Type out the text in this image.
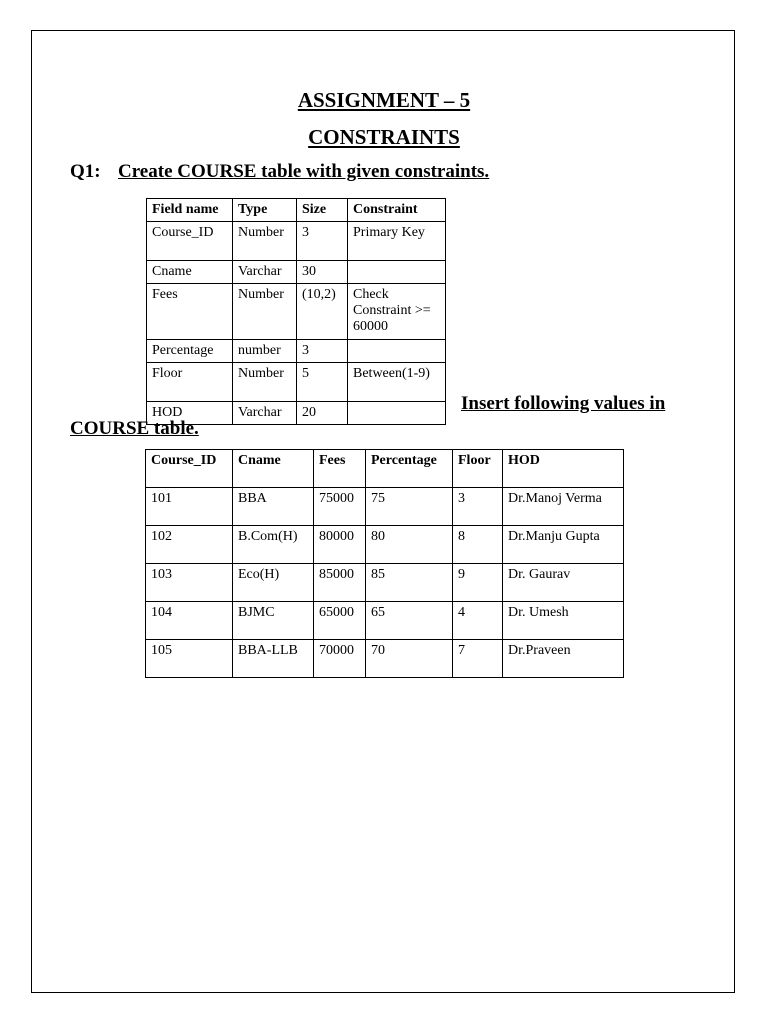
ASSIGNMENT – 5
CONSTRAINTS

Q1: Create COURSE table with given constraints.

Field name	Type	Size	Constraint
Course_ID	Number	3	Primary Key
Cname	Varchar	30	
Fees	Number	(10,2)	Check Constraint >= 60000
Percentage	number	3	
Floor	Number	5	Between(1-9)
HOD	Varchar	20		Insert following values in

COURSE table.

Course_ID	Cname	Fees	Percentage	Floor	HOD
101	BBA	75000	75	3	Dr.Manoj Verma
102	B.Com(H)	80000	80	8	Dr.Manju Gupta
103	Eco(H)	85000	85	9	Dr. Gaurav
104	BJMC	65000	65	4	Dr. Umesh
105	BBA-LLB	70000	70	7	Dr.Praveen
